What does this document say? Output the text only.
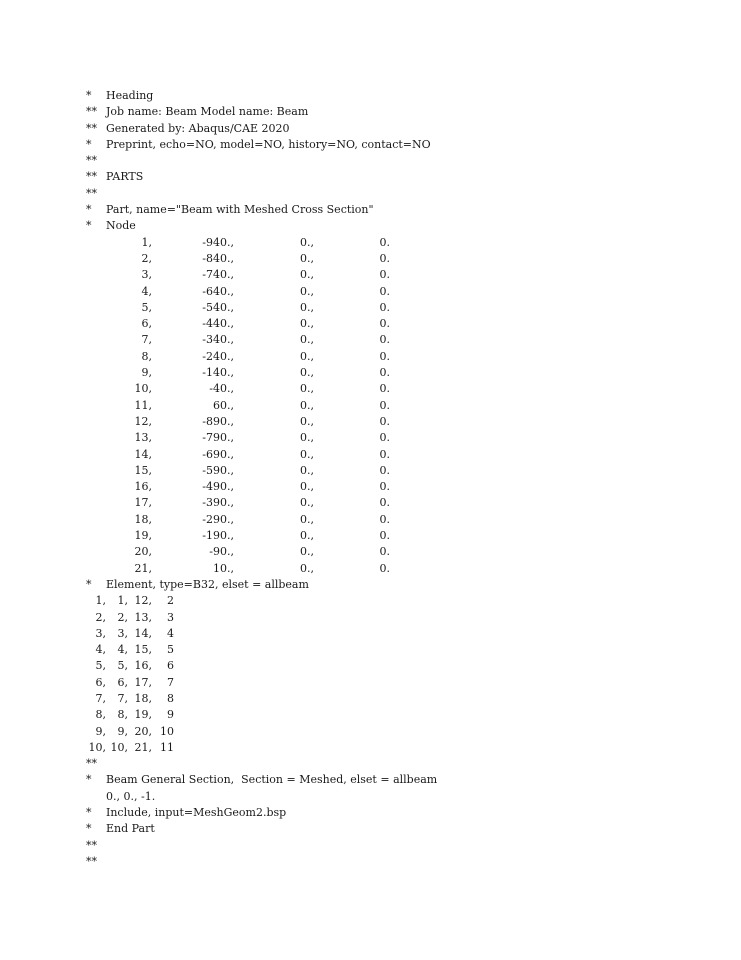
* Heading
** Job name: Beam Model name: Beam
** Generated by: Abaqus/CAE 2020
* Preprint, echo=NO, model=NO, history=NO, contact=NO
**
** PARTS
**
* Part, name="Beam with Meshed Cross Section"
* Node
1,	-940.,	0.,	0.
2,	-840.,	0.,	0.
3,	-740.,	0.,	0.
4,	-640.,	0.,	0.
5,	-540.,	0.,	0.
6,	-440.,	0.,	0.
7,	-340.,	0.,	0.
8,	-240.,	0.,	0.
9,	-140.,	0.,	0.
10,	-40.,	0.,	0.
11,	60.,	0.,	0.
12,	-890.,	0.,	0.
13,	-790.,	0.,	0.
14,	-690.,	0.,	0.
15,	-590.,	0.,	0.
16,	-490.,	0.,	0.
17,	-390.,	0.,	0.
18,	-290.,	0.,	0.
19,	-190.,	0.,	0.
20,	-90.,	0.,	0.
21,	10.,	0.,	0.
* Element, type=B32, elset = allbeam
1, 1, 12, 2
2, 2, 13, 3
3, 3, 14, 4
4, 4, 15, 5
5, 5, 16, 6
6, 6, 17, 7
7, 7, 18, 8
8, 8, 19, 9
9, 9, 20, 10
10, 10, 21, 11
**
* Beam General Section,  Section = Meshed, elset = allbeam
0., 0., -1.
* Include, input=MeshGeom2.bsp
* End Part
**
**
